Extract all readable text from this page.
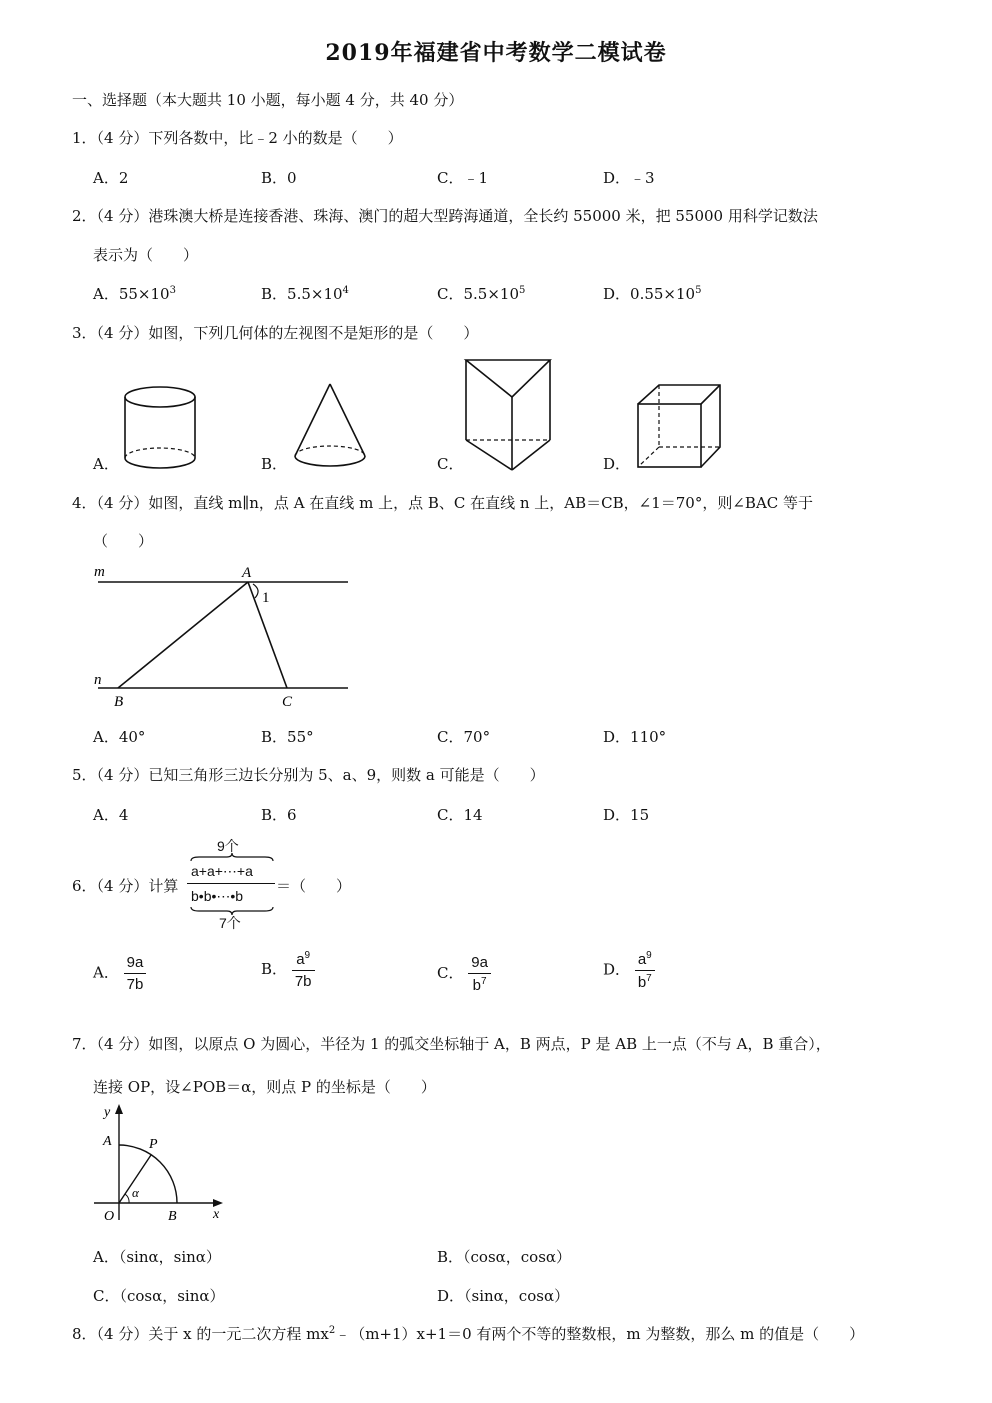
2019年福建省中考数学二模试卷
一、选择题（本大题共 10 小题，每小题 4 分，共 40 分）
1．（4 分）下列各数中，比﹣2 小的数是（　　）
A．2	B．0	C．﹣1	D．﹣3
2．（4 分）港珠澳大桥是连接香港、珠海、澳门的超大型跨海通道，全长约 55000 米，把 55000 用科学记数法
表示为（　　）
A．$55\times 10^3$	B．$5.5\times 10^4$	C．$5.5\times 10^5$	D．$0.55\times 10^5$
3．（4 分）如图，下列几何体的左视图不是矩形的是（　　）
A．	B．	C．	D．
4．（4 分）如图，直线 m∥n，点 A 在直线 m 上，点 B、C 在直线 n 上，AB＝CB，∠1＝70°，则∠BAC 等于
（　　）
m	A
1
n
B	C
A．40°	B．55°	C．70°	D．110°
5．（4 分）已知三角形三边长分别为 5、a、9，则数 a 可能是（　　）
A．4	B．6	C．14	D．15
6．（4 分）计算
9个
a+a+⋯+a
b•b•⋯•b
7个
＝（　　）
A． $\frac{9a}{7b}$	B． $\frac{a^9}{7b}$	C． $\frac{9a}{b^7}$	D． $\frac{a^9}{b^7}$
7．（4 分）如图，以原点 O 为圆心，半径为 1 的弧交坐标轴于 A，B 两点，P 是 AB 上一点（不与 A，B 重合），
连接 OP，设∠POB＝α，则点 P 的坐标是（　　）
y
x
A	P
O	B
α
A．（sinα，sinα）	B．（cosα，cosα）
C．（cosα，sinα）	D．（sinα，cosα）
8．（4 分）关于 x 的一元二次方程 $mx^2﹣(m+1)x+1=0$ 有两个不等的整数根，m 为整数，那么 m 的值是（　　）
